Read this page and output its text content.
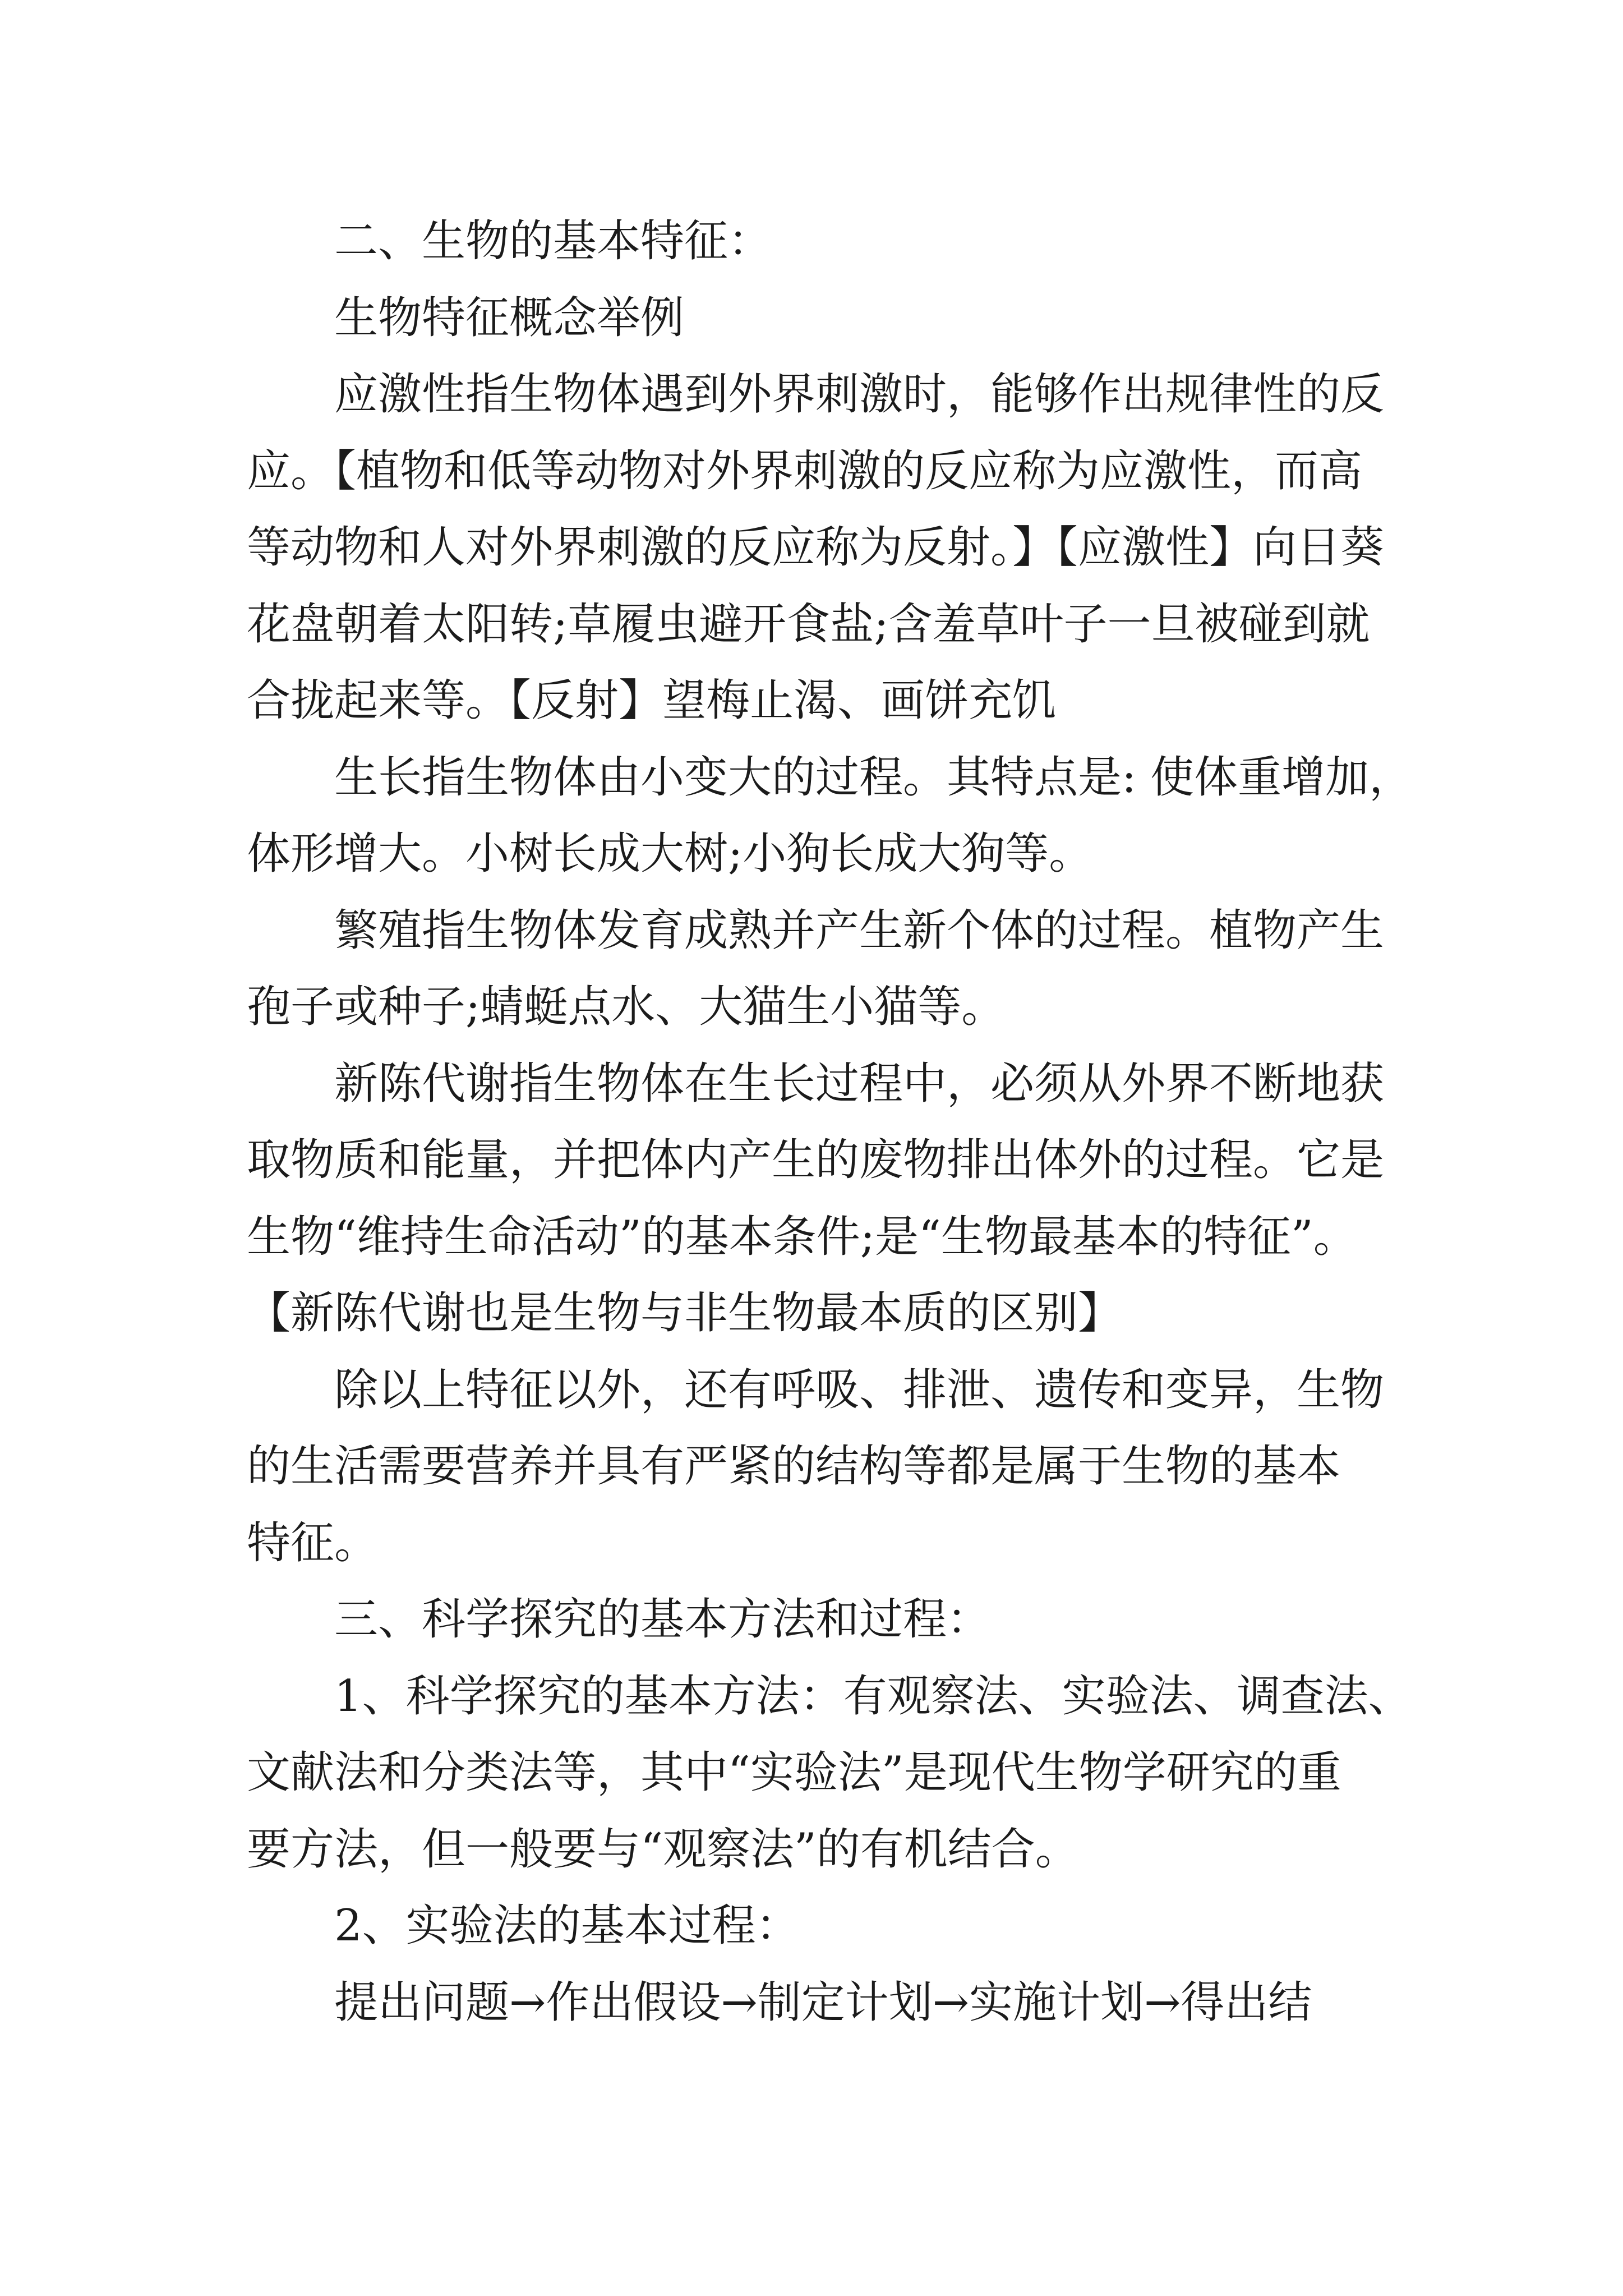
二、生物的基本特征：
生物特征概念举例
应激性指生物体遇到外界刺激时，能够作出规律性的反
应。【植物和低等动物对外界刺激的反应称为应激性，而高
等动物和人对外界刺激的反应称为反射。】【应激性】向日葵
花盘朝着太阳转;草履虫避开食盐;含羞草叶子一旦被碰到就
合拢起来等。【反射】望梅止渴、画饼充饥
生长指生物体由小变大的过程。其特点是: 使体重增加，
体形增大。小树长成大树;小狗长成大狗等。
繁殖指生物体发育成熟并产生新个体的过程。植物产生
孢子或种子;蜻蜓点水、大猫生小猫等。
新陈代谢指生物体在生长过程中，必须从外界不断地获
取物质和能量，并把体内产生的废物排出体外的过程。它是
生物“维持生命活动”的基本条件;是“生物最基本的特征”。
【新陈代谢也是生物与非生物最本质的区别】
除以上特征以外，还有呼吸、排泄、遗传和变异，生物
的生活需要营养并具有严紧的结构等都是属于生物的基本
特征。
三、科学探究的基本方法和过程：
1、科学探究的基本方法：有观察法、实验法、调查法、
文献法和分类法等，其中“实验法”是现代生物学研究的重
要方法，但一般要与“观察法”的有机结合。
2、实验法的基本过程：
提出问题→作出假设→制定计划→实施计划→得出结
